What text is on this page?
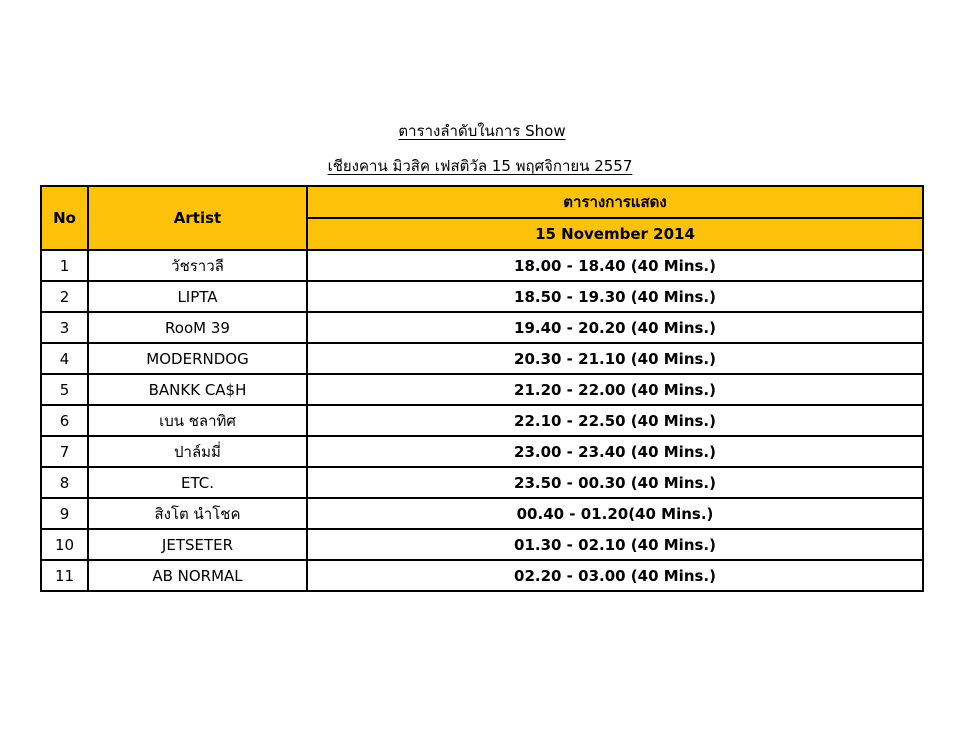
ตารางลำดับในการ Show
เชียงคาน มิวสิค เฟสติวัล 15 พฤศจิกายน 2557
No	Artist	ตารางการแสดง
		15 November 2014
1	วัชราวลี	18.00 - 18.40 (40 Mins.)
2	LIPTA	18.50 - 19.30 (40 Mins.)
3	RooM 39	19.40 - 20.20 (40 Mins.)
4	MODERNDOG	20.30 - 21.10 (40 Mins.)
5	BANKK CA$H	21.20 - 22.00 (40 Mins.)
6	เบน ชลาทิศ	22.10 - 22.50 (40 Mins.)
7	ปาล์มมี่	23.00 - 23.40 (40 Mins.)
8	ETC.	23.50 - 00.30 (40 Mins.)
9	สิงโต นำโชค	00.40 - 01.20(40 Mins.)
10	JETSETER	01.30 - 02.10 (40 Mins.)
11	AB NORMAL	02.20 - 03.00 (40 Mins.)
